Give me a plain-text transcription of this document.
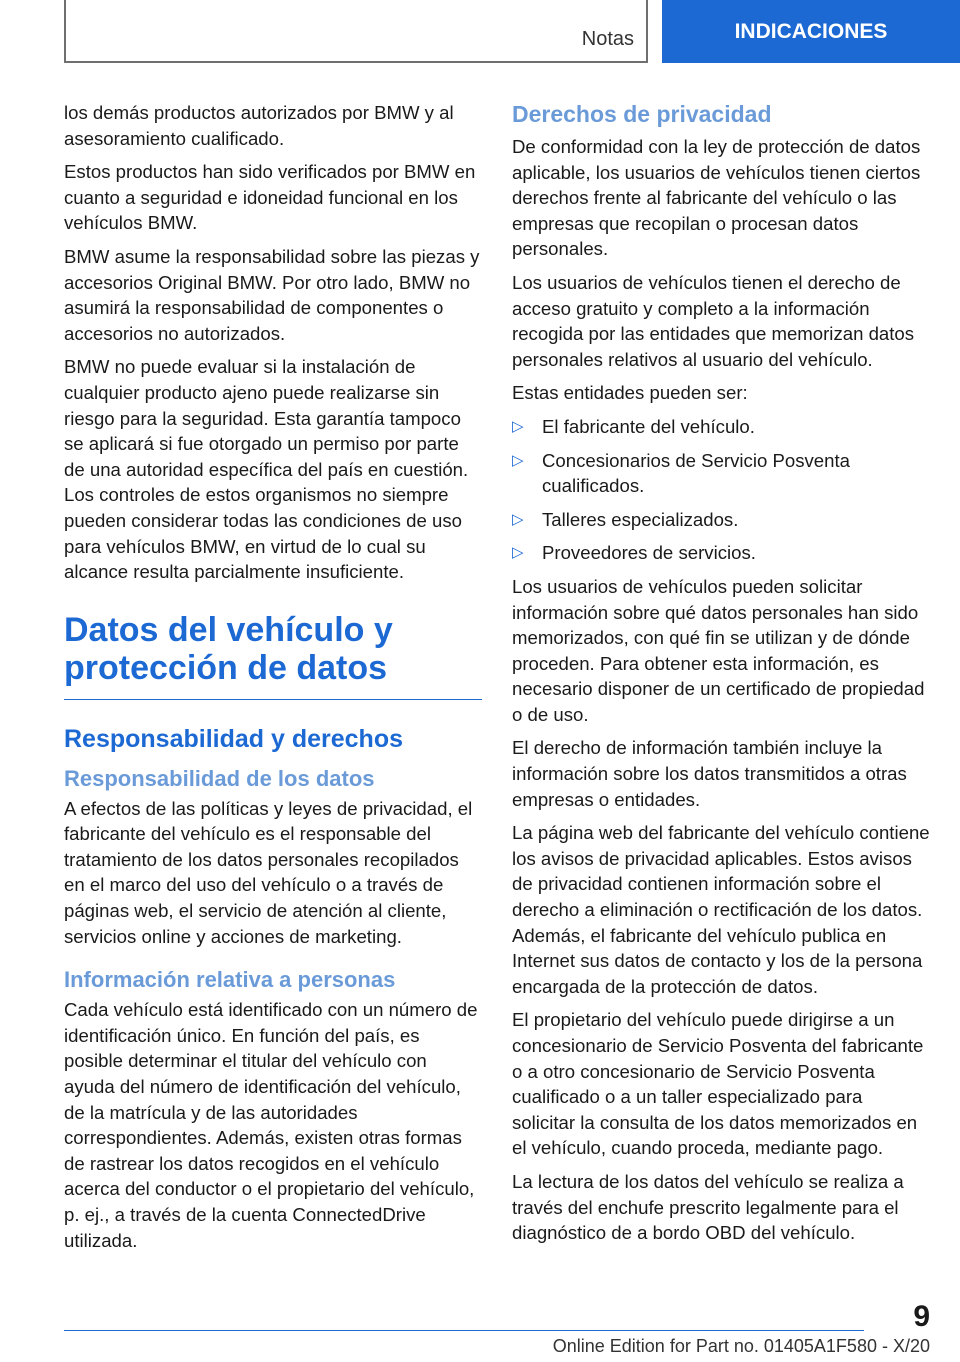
Notas	INDICACIONES

los demás productos autorizados por BMW y al asesoramiento cualificado.

Estos productos han sido verificados por BMW en cuanto a seguridad e idoneidad funcional en los vehículos BMW.

BMW asume la responsabilidad sobre las piezas y accesorios Original BMW. Por otro lado, BMW no asumirá la responsabilidad de componentes o accesorios no autorizados.

BMW no puede evaluar si la instalación de cualquier producto ajeno puede realizarse sin riesgo para la seguridad. Esta garantía tampoco se aplicará si fue otorgado un permiso por parte de una autoridad específica del país en cuestión. Los controles de estos organismos no siempre pueden considerar todas las condiciones de uso para vehículos BMW, en virtud de lo cual su alcance resulta parcialmente insuficiente.

Datos del vehículo y protección de datos
Responsabilidad y derechos
Responsabilidad de los datos

A efectos de las políticas y leyes de privacidad, el fabricante del vehículo es el responsable del tratamiento de los datos personales recopilados en el marco del uso del vehículo o a través de páginas web, el servicio de atención al cliente, servicios online y acciones de marketing.

Información relativa a personas

Cada vehículo está identificado con un número de identificación único. En función del país, es posible determinar el titular del vehículo con ayuda del número de identificación del vehículo, de la matrícula y de las autoridades correspondientes. Además, existen otras formas de rastrear los datos recogidos en el vehículo acerca del conductor o el propietario del vehículo, p. ej., a través de la cuenta ConnectedDrive utilizada.

Derechos de privacidad

De conformidad con la ley de protección de datos aplicable, los usuarios de vehículos tienen ciertos derechos frente al fabricante del vehículo o las empresas que recopilan o procesan datos personales.

Los usuarios de vehículos tienen el derecho de acceso gratuito y completo a la información recogida por las entidades que memorizan datos personales relativos al usuario del vehículo.

Estas entidades pueden ser:

▷ El fabricante del vehículo.
▷ Concesionarios de Servicio Posventa cualificados.
▷ Talleres especializados.
▷ Proveedores de servicios.

Los usuarios de vehículos pueden solicitar información sobre qué datos personales han sido memorizados, con qué fin se utilizan y de dónde proceden. Para obtener esta información, es necesario disponer de un certificado de propiedad o de uso.

El derecho de información también incluye la información sobre los datos transmitidos a otras empresas o entidades.

La página web del fabricante del vehículo contiene los avisos de privacidad aplicables. Estos avisos de privacidad contienen información sobre el derecho a eliminación o rectificación de los datos. Además, el fabricante del vehículo publica en Internet sus datos de contacto y los de la persona encargada de la protección de datos.

El propietario del vehículo puede dirigirse a un concesionario de Servicio Posventa del fabricante o a otro concesionario de Servicio Posventa cualificado o a un taller especializado para solicitar la consulta de los datos memorizados en el vehículo, cuando proceda, mediante pago.

La lectura de los datos del vehículo se realiza a través del enchufe prescrito legalmente para el diagnóstico de a bordo OBD del vehículo.

9
Online Edition for Part no. 01405A1F580 - X/20
